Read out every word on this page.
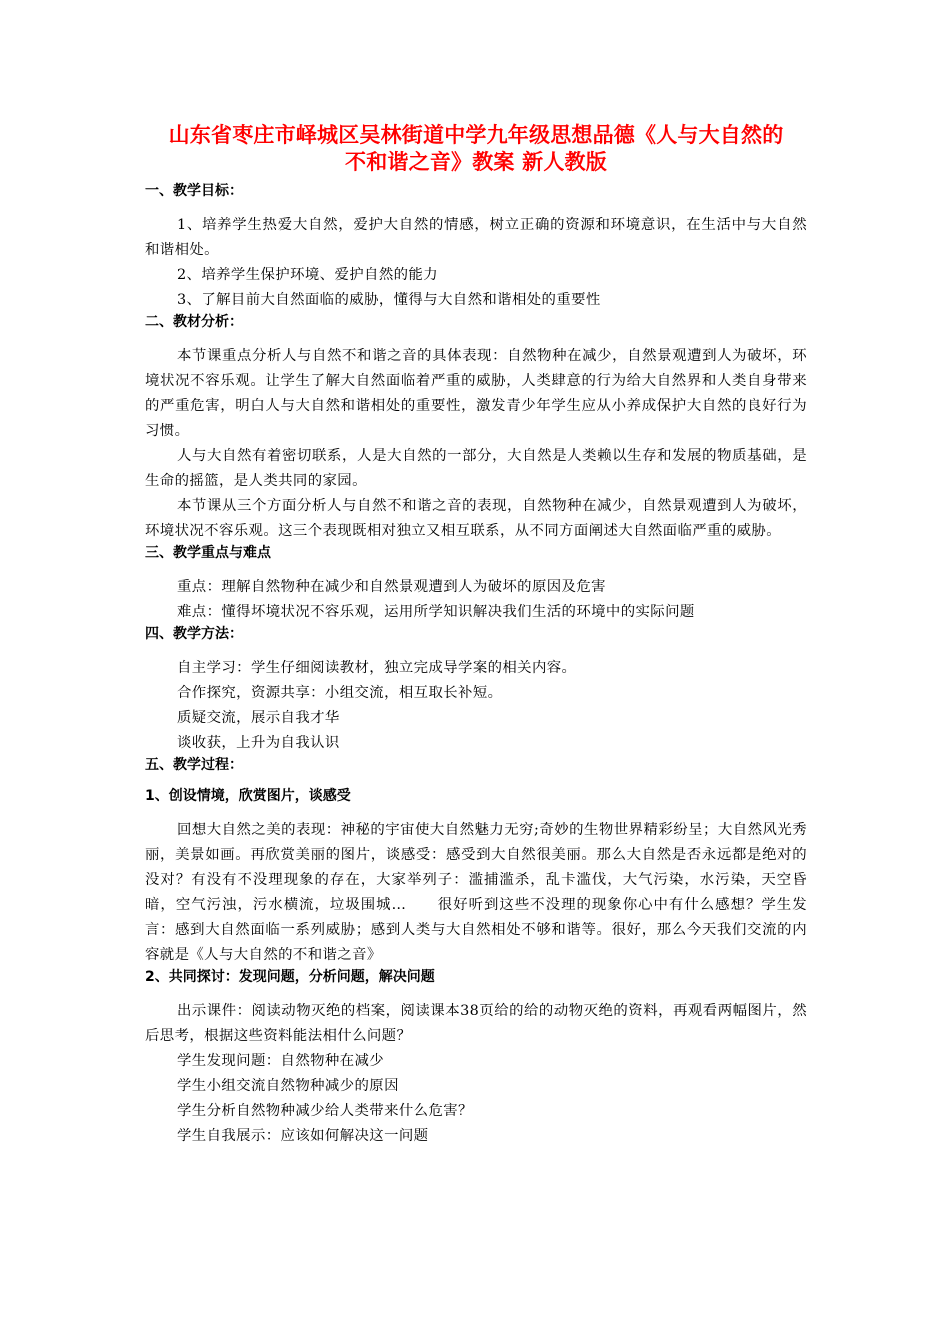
山东省枣庄市峄城区吴林街道中学九年级思想品德《人与大自然的
不和谐之音》教案 新人教版
一、教学目标：

1、培养学生热爱大自然，爱护大自然的情感，树立正确的资源和环境意识，在生活中与大自然和谐相处。

2、培养学生保护环境、爱护自然的能力

3、了解目前大自然面临的威胁，懂得与大自然和谐相处的重要性

二、教材分析：

本节课重点分析人与自然不和谐之音的具体表现：自然物种在减少，自然景观遭到人为破坏，环境状况不容乐观。让学生了解大自然面临着严重的威胁，人类肆意的行为给大自然界和人类自身带来的严重危害，明白人与大自然和谐相处的重要性，激发青少年学生应从小养成保护大自然的良好行为习惯。

人与大自然有着密切联系，人是大自然的一部分，大自然是人类赖以生存和发展的物质基础，是生命的摇篮，是人类共同的家园。

本节课从三个方面分析人与自然不和谐之音的表现，自然物种在减少，自然景观遭到人为破坏，环境状况不容乐观。这三个表现既相对独立又相互联系，从不同方面阐述大自然面临严重的威胁。

三、教学重点与难点

重点：理解自然物种在减少和自然景观遭到人为破坏的原因及危害

难点：懂得坏境状况不容乐观，运用所学知识解决我们生活的环境中的实际问题

四、教学方法：

自主学习：学生仔细阅读教材，独立完成导学案的相关内容。

合作探究，资源共享：小组交流，相互取长补短。

质疑交流，展示自我才华

谈收获，上升为自我认识

五、教学过程：
1、创设情境，欣赏图片，谈感受

回想大自然之美的表现：神秘的宇宙使大自然魅力无穷;奇妙的生物世界精彩纷呈；大自然风光秀丽，美景如画。再欣赏美丽的图片，谈感受：感受到大自然很美丽。那么大自然是否永远都是绝对的没对？有没有不没理现象的存在，大家举列子：滥捕滥杀，乱卡滥伐，大气污染，水污染，天空昏暗，空气污浊，污水横流，垃圾围城…　　很好听到这些不没理的现象你心中有什么感想？学生发言：感到大自然面临一系列威胁；感到人类与大自然相处不够和谐等。很好，那么今天我们交流的内容就是《人与大自然的不和谐之音》

2、共同探讨：发现问题，分析问题，解决问题

出示课件：阅读动物灭绝的档案，阅读课本38页给的给的动物灭绝的资料，再观看两幅图片，然后思考，根据这些资料能法相什么问题？

学生发现问题：自然物种在减少

学生小组交流自然物种减少的原因

学生分析自然物种减少给人类带来什么危害？

学生自我展示：应该如何解决这一问题
